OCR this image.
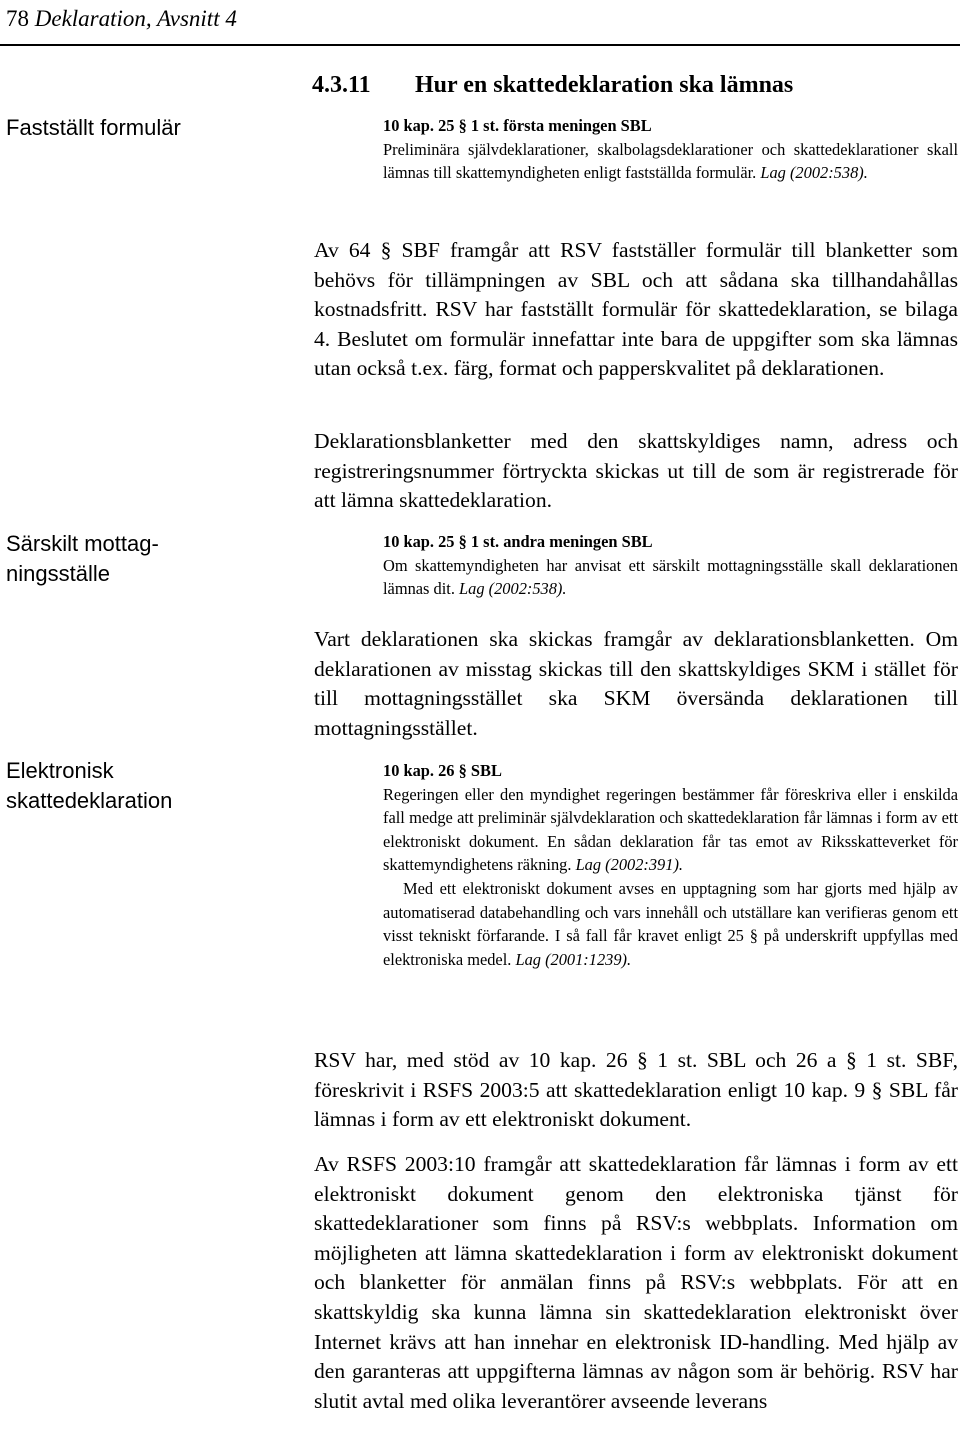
78 Deklaration, Avsnitt 4
Fastställt formulär
Särskilt mottag-
ningsställe
Elektronisk
skattedeklaration
4.3.11 Hur en skattedeklaration ska lämnas
10 kap. 25 § 1 st. första meningen SBL
Preliminära självdeklarationer, skalbolagsdeklarationer och skattedeklarationer skall lämnas till skattemyndigheten enligt fastställda formulär. Lag (2002:538).
Av 64 § SBF framgår att RSV fastställer formulär till blanketter som behövs för tillämpningen av SBL och att sådana ska tillhandahållas kostnadsfritt. RSV har fastställt formulär för skattedeklaration, se bilaga 4. Beslutet om formulär innefattar inte bara de uppgifter som ska lämnas utan också t.ex. färg, format och papperskvalitet på deklarationen.
Deklarationsblanketter med den skattskyldiges namn, adress och registreringsnummer förtryckta skickas ut till de som är registrerade för att lämna skattedeklaration.
10 kap. 25 § 1 st. andra meningen SBL
Om skattemyndigheten har anvisat ett särskilt mottagningsställe skall deklarationen lämnas dit. Lag (2002:538).
Vart deklarationen ska skickas framgår av deklarationsblanketten. Om deklarationen av misstag skickas till den skattskyldiges SKM i stället för till mottagningsstället ska SKM översända deklarationen till mottagningsstället.
10 kap. 26 § SBL
Regeringen eller den myndighet regeringen bestämmer får föreskriva eller i enskilda fall medge att preliminär självdeklaration och skattedeklaration får lämnas i form av ett elektroniskt dokument. En sådan deklaration får tas emot av Riksskatteverket för skattemyndighetens räkning. Lag (2002:391).
Med ett elektroniskt dokument avses en upptagning som har gjorts med hjälp av automatiserad databehandling och vars innehåll och utställare kan verifieras genom ett visst tekniskt förfarande. I så fall får kravet enligt 25 § på underskrift uppfyllas med elektroniska medel. Lag (2001:1239).
RSV har, med stöd av 10 kap. 26 § 1 st. SBL och 26 a § 1 st. SBF, föreskrivit i RSFS 2003:5 att skattedeklaration enligt 10 kap. 9 § SBL får lämnas i form av ett elektroniskt dokument.
Av RSFS 2003:10 framgår att skattedeklaration får lämnas i form av ett elektroniskt dokument genom den elektroniska tjänst för skattedeklarationer som finns på RSV:s webbplats. Information om möjligheten att lämna skattedeklaration i form av elektroniskt dokument och blanketter för anmälan finns på RSV:s webbplats. För att en skattskyldig ska kunna lämna sin skattedeklaration elektroniskt över Internet krävs att han innehar en elektronisk ID-handling. Med hjälp av den garanteras att uppgifterna lämnas av någon som är behörig. RSV har slutit avtal med olika leverantörer avseende leverans
